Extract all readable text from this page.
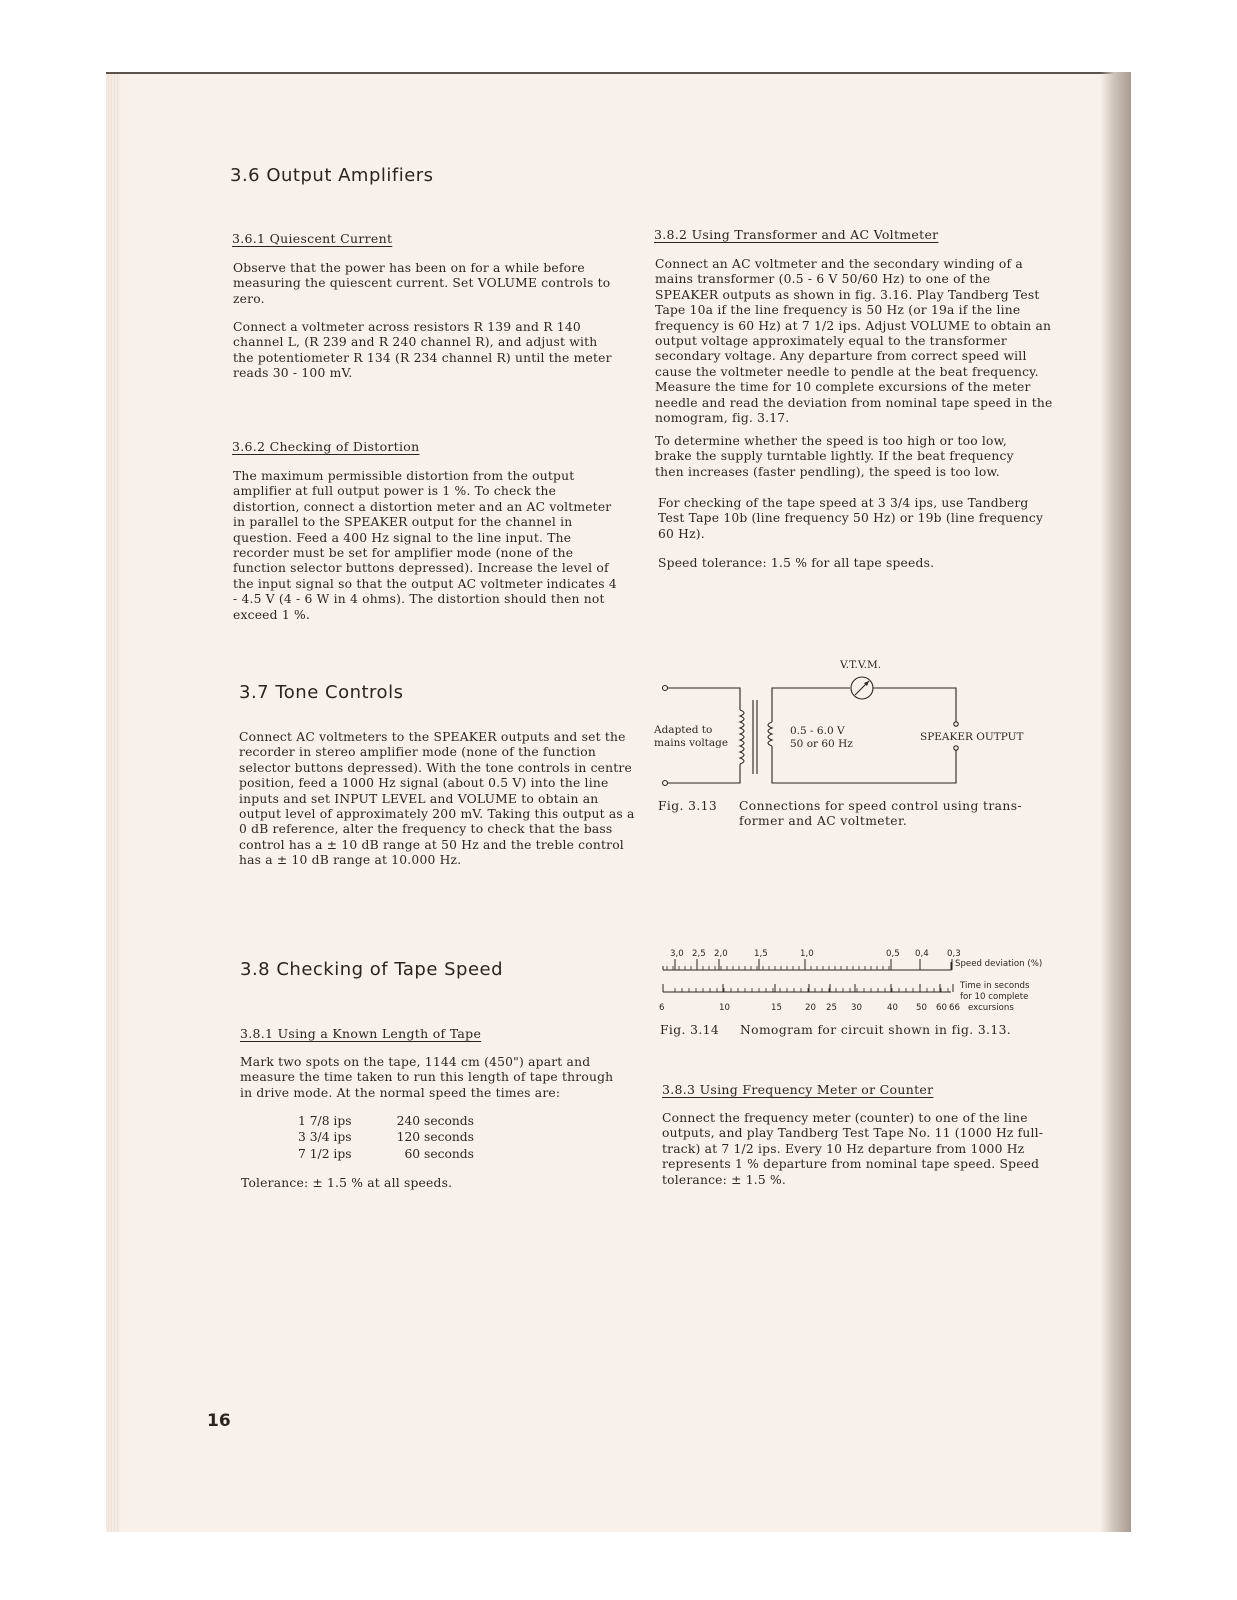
3.6 Output Amplifiers
3.6.1 Quiescent Current
Observe that the power has been on for a while before measuring the quiescent current. Set VOLUME controls to zero.
Connect a voltmeter across resistors R 139 and R 140 channel L, (R 239 and R 240 channel R), and adjust with the potentiometer R 134 (R 234 channel R) until the meter reads 30 - 100 mV.
3.6.2 Checking of Distortion
The maximum permissible distortion from the output amplifier at full output power is 1 %. To check the distortion, connect a distortion meter and an AC voltmeter in parallel to the SPEAKER output for the channel in question. Feed a 400 Hz signal to the line input. The recorder must be set for amplifier mode (none of the function selector buttons depressed). Increase the level of the input signal so that the output AC voltmeter indicates 4 - 4.5 V (4 - 6 W in 4 ohms). The distortion should then not exceed 1 %.
3.7 Tone Controls
Connect AC voltmeters to the SPEAKER outputs and set the recorder in stereo amplifier mode (none of the function selector buttons depressed). With the tone controls in centre position, feed a 1000 Hz signal (about 0.5 V) into the line inputs and set INPUT LEVEL and VOLUME to obtain an output level of approximately 200 mV. Taking this output as a 0 dB reference, alter the frequency to check that the bass control has a ± 10 dB range at 50 Hz and the treble control has a ± 10 dB range at 10.000 Hz.
3.8 Checking of Tape Speed
3.8.1 Using a Known Length of Tape
Mark two spots on the tape, 1144 cm (450") apart and measure the time taken to run this length of tape through in drive mode. At the normal speed the times are:
1 7/8 ips	240 seconds
3 3/4 ips	120 seconds
7 1/2 ips	60 seconds
Tolerance: ± 1.5 % at all speeds.
16
3.8.2 Using Transformer and AC Voltmeter
Connect an AC voltmeter and the secondary winding of a mains transformer (0.5 - 6 V 50/60 Hz) to one of the SPEAKER outputs as shown in fig. 3.16. Play Tandberg Test Tape 10a if the line frequency is 50 Hz (or 19a if the line frequency is 60 Hz) at 7 1/2 ips. Adjust VOLUME to obtain an output voltage approximately equal to the transformer secondary voltage. Any departure from correct speed will cause the voltmeter needle to pendle at the beat frequency. Measure the time for 10 complete excursions of the meter needle and read the deviation from nominal tape speed in the nomogram, fig. 3.17.
To determine whether the speed is too high or too low, brake the supply turntable lightly. If the beat frequency then increases (faster pendling), the speed is too low.
For checking of the tape speed at 3 3/4 ips, use Tandberg Test Tape 10b (line frequency 50 Hz) or 19b (line frequency 60 Hz).
Speed tolerance: 1.5 % for all tape speeds.
V.T.V.M.
Adapted to
mains voltage
0.5 - 6.0 V
50 or 60 Hz
SPEAKER OUTPUT
Fig. 3.13 Connections for speed control using trans-
former and AC voltmeter.
3,0 2,5 2,0	1,5	1,0	0,5 0,4 0,3
6	10	15	20 25 30	40 50 60 66
Speed deviation (%)
Time in seconds
for 10 complete
excursions
Fig. 3.14 Nomogram for circuit shown in fig. 3.13.
3.8.3 Using Frequency Meter or Counter
Connect the frequency meter (counter) to one of the line outputs, and play Tandberg Test Tape No. 11 (1000 Hz full-track) at 7 1/2 ips. Every 10 Hz departure from 1000 Hz represents 1 % departure from nominal tape speed. Speed tolerance: ± 1.5 %.
